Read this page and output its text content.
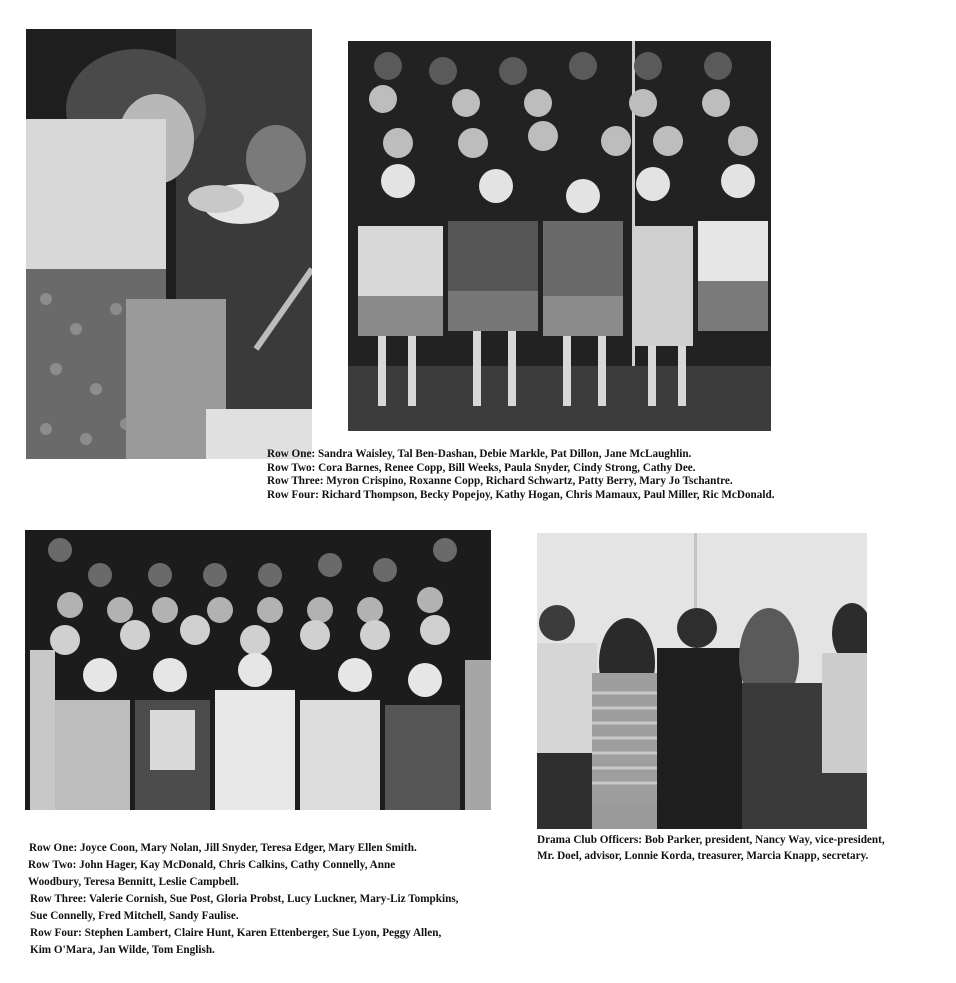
Row One: Sandra Waisley, Tal Ben-Dashan, Debie Markle, Pat Dillon, Jane McLaughlin.
Row Two: Cora Barnes, Renee Copp, Bill Weeks, Paula Snyder, Cindy Strong, Cathy Dee.
Row Three: Myron Crispino, Roxanne Copp, Richard Schwartz, Patty Berry, Mary Jo Tschantre.
Row Four: Richard Thompson, Becky Popejoy, Kathy Hogan, Chris Mamaux, Paul Miller, Ric McDonald.
Row One: Joyce Coon, Mary Nolan, Jill Snyder, Teresa Edger, Mary Ellen Smith.
Row Two: John Hager, Kay McDonald, Chris Calkins, Cathy Connelly, Anne
Woodbury, Teresa Bennitt, Leslie Campbell.
Row Three: Valerie Cornish, Sue Post, Gloria Probst, Lucy Luckner, Mary-Liz Tompkins,
Sue Connelly, Fred Mitchell, Sandy Faulise.
Row Four: Stephen Lambert, Claire Hunt, Karen Ettenberger, Sue Lyon, Peggy Allen,
Kim O'Mara, Jan Wilde, Tom English.
Drama Club Officers: Bob Parker, president, Nancy Way, vice-president,
Mr. Doel, advisor, Lonnie Korda, treasurer, Marcia Knapp, secretary.
